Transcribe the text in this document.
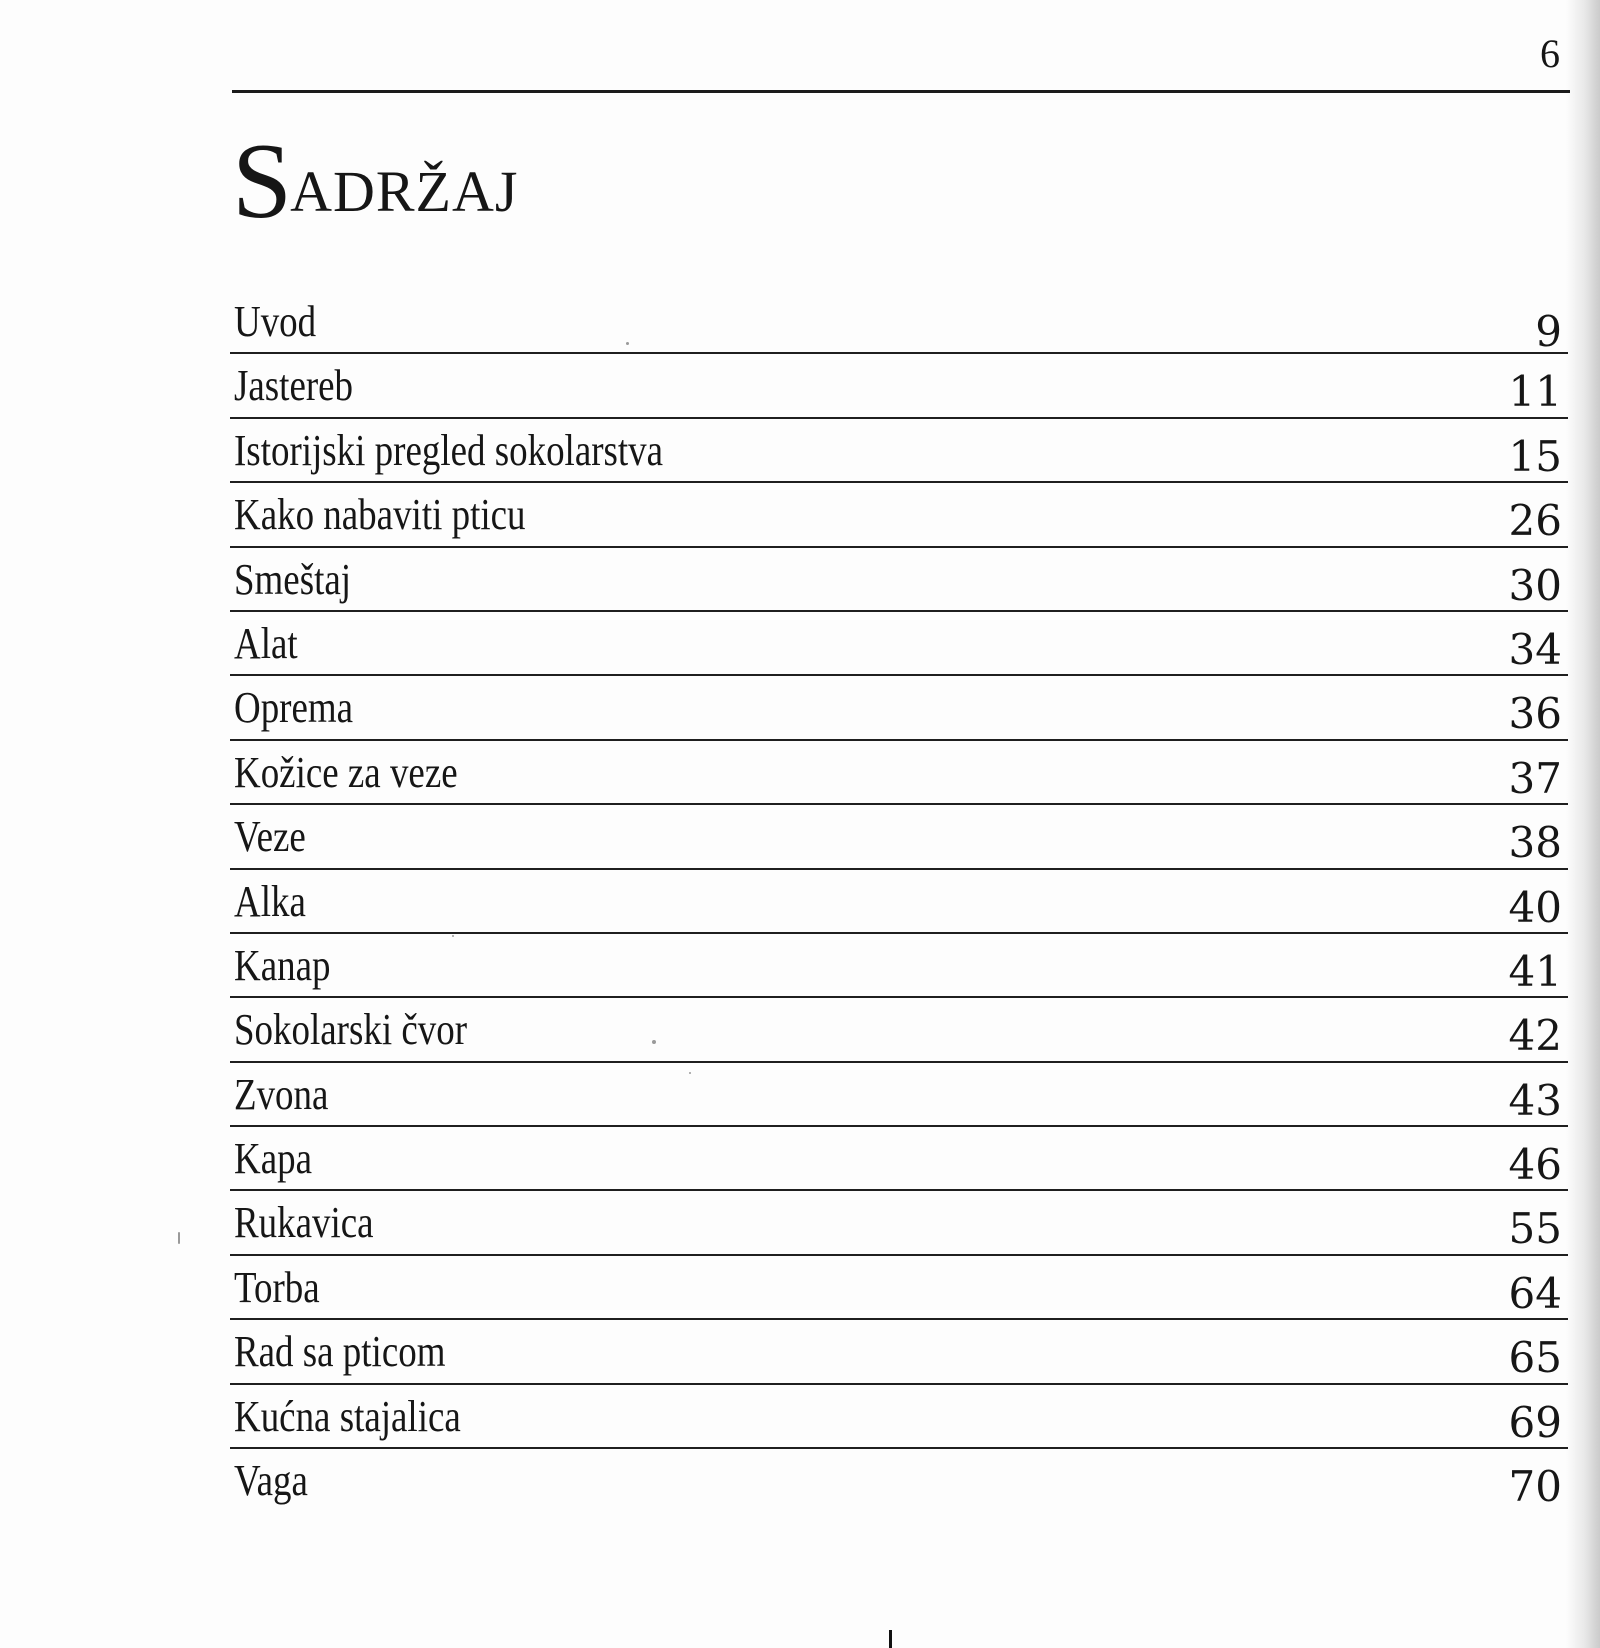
6
SADRŽAJ
Uvod	9
Jastereb	11
Istorijski pregled sokolarstva	15
Kako nabaviti pticu	26
Smeštaj	30
Alat	34
Oprema	36
Kožice za veze	37
Veze	38
Alka	40
Kanap	41
Sokolarski čvor	42
Zvona	43
Kapa	46
Rukavica	55
Torba	64
Rad sa pticom	65
Kućna stajalica	69
Vaga	70
